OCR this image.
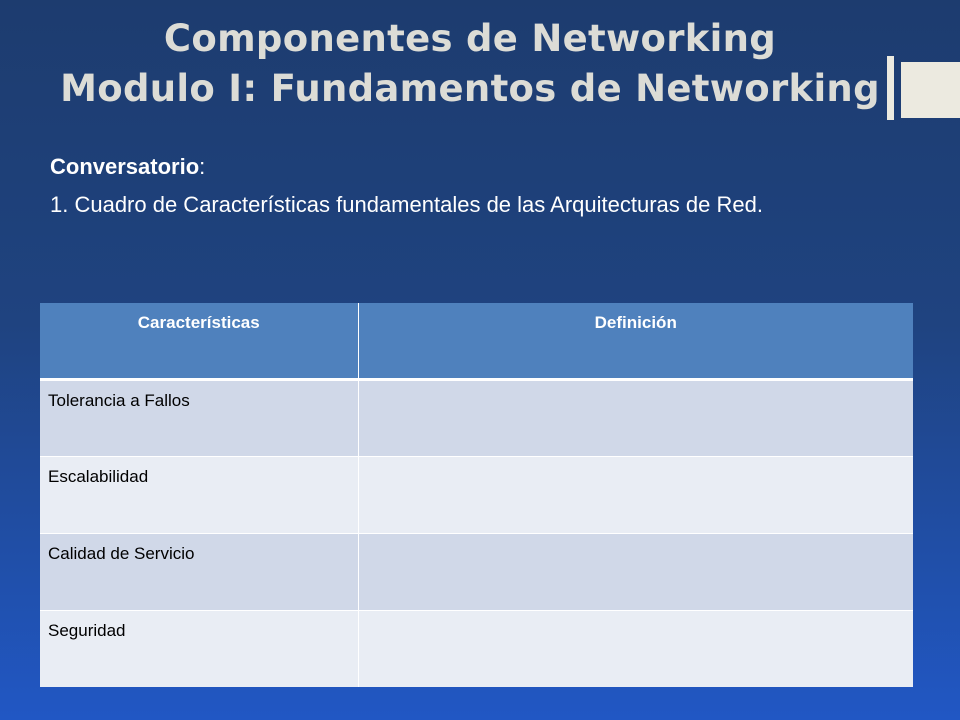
Componentes de Networking
Modulo I: Fundamentos de Networking

Conversatorio:

1. Cuadro de Características fundamentales de las Arquitecturas de Red.

Características	Definición
Tolerancia a Fallos	
Escalabilidad	
Calidad de Servicio	
Seguridad	
